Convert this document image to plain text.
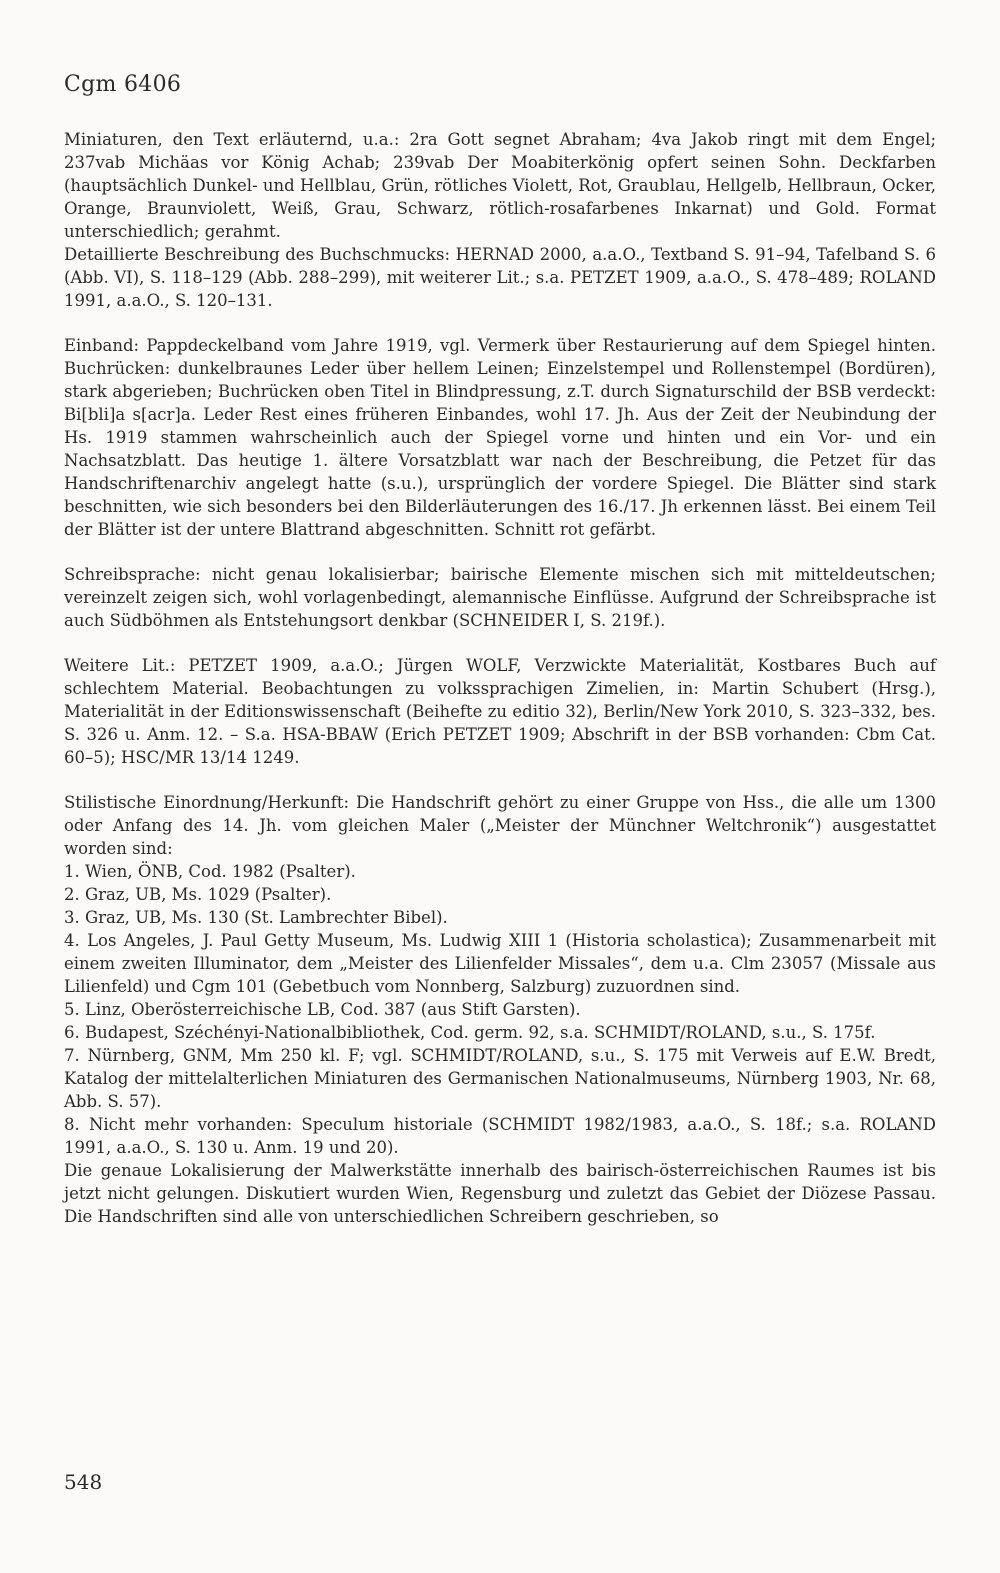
Cgm 6406

Miniaturen, den Text erläuternd, u.a.: 2ra Gott segnet Abraham; 4va Jakob ringt mit dem Engel; 237vab Michäas vor König Achab; 239vab Der Moabiterkönig opfert seinen Sohn. Deckfarben (hauptsächlich Dunkel- und Hellblau, Grün, rötliches Violett, Rot, Graublau, Hellgelb, Hellbraun, Ocker, Orange, Braunviolett, Weiß, Grau, Schwarz, rötlich-rosafarbenes Inkarnat) und Gold. Format unterschiedlich; gerahmt.

Detaillierte Beschreibung des Buchschmucks: HERNAD 2000, a.a.O., Textband S. 91–94, Tafelband S. 6 (Abb. VI), S. 118–129 (Abb. 288–299), mit weiterer Lit.; s.a. PETZET 1909, a.a.O., S. 478–489; ROLAND 1991, a.a.O., S. 120–131.

Einband: Pappdeckelband vom Jahre 1919, vgl. Vermerk über Restaurierung auf dem Spiegel hinten. Buchrücken: dunkelbraunes Leder über hellem Leinen; Einzelstempel und Rollenstempel (Bordüren), stark abgerieben; Buchrücken oben Titel in Blindpressung, z.T. durch Signaturschild der BSB verdeckt: Bi[bli]a s[acr]a. Leder Rest eines früheren Einbandes, wohl 17. Jh. Aus der Zeit der Neubindung der Hs. 1919 stammen wahrscheinlich auch der Spiegel vorne und hinten und ein Vor- und ein Nachsatzblatt. Das heutige 1. ältere Vorsatzblatt war nach der Beschreibung, die Petzet für das Handschriftenarchiv angelegt hatte (s.u.), ursprünglich der vordere Spiegel. Die Blätter sind stark beschnitten, wie sich besonders bei den Bilderläuterungen des 16./17. Jh erkennen lässt. Bei einem Teil der Blätter ist der untere Blattrand abgeschnitten. Schnitt rot gefärbt.

Schreibsprache: nicht genau lokalisierbar; bairische Elemente mischen sich mit mitteldeutschen; vereinzelt zeigen sich, wohl vorlagenbedingt, alemannische Einflüsse. Aufgrund der Schreibsprache ist auch Südböhmen als Entstehungsort denkbar (SCHNEIDER I, S. 219f.).

Weitere Lit.: PETZET 1909, a.a.O.; Jürgen WOLF, Verzwickte Materialität, Kostbares Buch auf schlechtem Material. Beobachtungen zu volkssprachigen Zimelien, in: Martin Schubert (Hrsg.), Materialität in der Editionswissenschaft (Beihefte zu editio 32), Berlin/New York 2010, S. 323–332, bes. S. 326 u. Anm. 12. – S.a. HSA-BBAW (Erich PETZET 1909; Abschrift in der BSB vorhanden: Cbm Cat. 60–5); HSC/MR 13/14 1249.

Stilistische Einordnung/Herkunft: Die Handschrift gehört zu einer Gruppe von Hss., die alle um 1300 oder Anfang des 14. Jh. vom gleichen Maler („Meister der Münchner Weltchronik“) ausgestattet worden sind:

1. Wien, ÖNB, Cod. 1982 (Psalter).
2. Graz, UB, Ms. 1029 (Psalter).
3. Graz, UB, Ms. 130 (St. Lambrechter Bibel).
4. Los Angeles, J. Paul Getty Museum, Ms. Ludwig XIII 1 (Historia scholastica); Zusammenarbeit mit einem zweiten Illuminator, dem „Meister des Lilienfelder Missales“, dem u.a. Clm 23057 (Missale aus Lilienfeld) und Cgm 101 (Gebetbuch vom Nonnberg, Salzburg) zuzuordnen sind.
5. Linz, Oberösterreichische LB, Cod. 387 (aus Stift Garsten).
6. Budapest, Széchényi-Nationalbibliothek, Cod. germ. 92, s.a. SCHMIDT/ROLAND, s.u., S. 175f.
7. Nürnberg, GNM, Mm 250 kl. F; vgl. SCHMIDT/ROLAND, s.u., S. 175 mit Verweis auf E.W. Bredt, Katalog der mittelalterlichen Miniaturen des Germanischen Nationalmuseums, Nürnberg 1903, Nr. 68, Abb. S. 57).
8. Nicht mehr vorhanden: Speculum historiale (SCHMIDT 1982/1983, a.a.O., S. 18f.; s.a. ROLAND 1991, a.a.O., S. 130 u. Anm. 19 und 20).

Die genaue Lokalisierung der Malwerkstätte innerhalb des bairisch-österreichischen Raumes ist bis jetzt nicht gelungen. Diskutiert wurden Wien, Regensburg und zuletzt das Gebiet der Diözese Passau. Die Handschriften sind alle von unterschiedlichen Schreibern geschrieben, so

548
